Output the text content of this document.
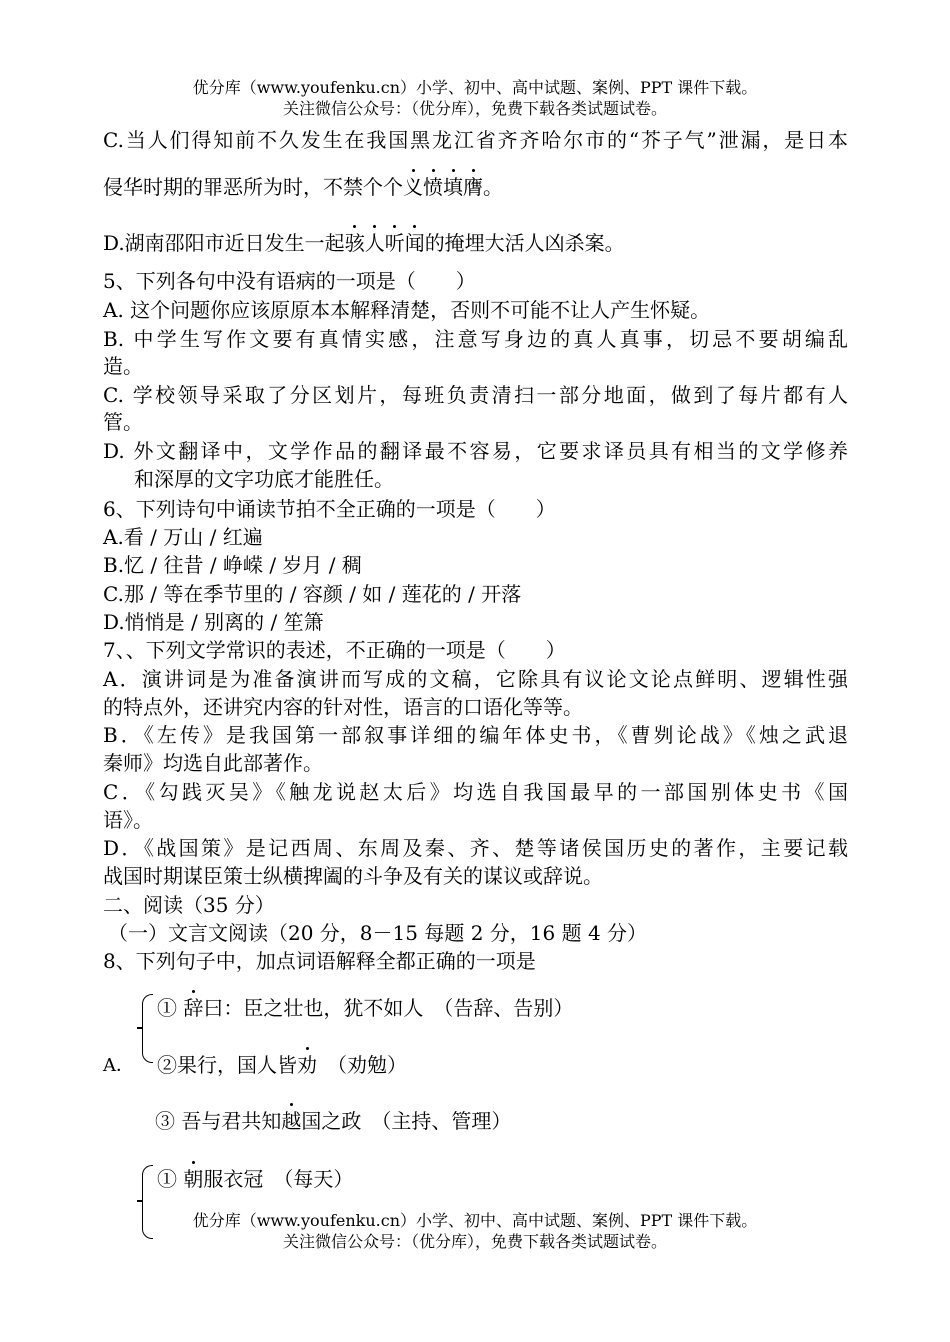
优分库（www.youfenku.cn）小学、初中、高中试题、案例、PPT 课件下载。
关注微信公众号：（优分库），免费下载各类试题试卷。
C.当人们得知前不久发生在我国黑龙江省齐齐哈尔市的“芥子气”泄漏，是日本
侵华时期的罪恶所为时，不禁个个义愤填膺。
D.湖南邵阳市近日发生一起骇人听闻的掩埋大活人凶杀案。
5、下列各句中没有语病的一项是（　　）
A. 这个问题你应该原原本本解释清楚，否则不可能不让人产生怀疑。
B. 中学生写作文要有真情实感，注意写身边的真人真事，切忌不要胡编乱
造。
C. 学校领导采取了分区划片，每班负责清扫一部分地面，做到了每片都有人
管。
D. 外文翻译中，文学作品的翻译最不容易，它要求译员具有相当的文学修养
和深厚的文字功底才能胜任。
6、下列诗句中诵读节拍不全正确的一项是（　　）
A.看 / 万山 / 红遍
B.忆 / 往昔 / 峥嵘 / 岁月 / 稠
C.那 / 等在季节里的 / 容颜 / 如 / 莲花的 / 开落
D.悄悄是 / 别离的 / 笙箫
7、、下列文学常识的表述，不正确的一项是（　　）
A．演讲词是为准备演讲而写成的文稿，它除具有议论文论点鲜明、逻辑性强
的特点外，还讲究内容的针对性，语言的口语化等等。
B．《左传》是我国第一部叙事详细的编年体史书，《曹刿论战》《烛之武退
秦师》均选自此部著作。
C．《勾践灭吴》《触龙说赵太后》均选自我国最早的一部国别体史书《国
语》。
D．《战国策》是记西周、东周及秦、齐、楚等诸侯国历史的著作，主要记载
战国时期谋臣策士纵横捭阖的斗争及有关的谋议或辞说。
二、阅读（35 分）
（一）文言文阅读（20 分，8－15 每题 2 分，16 题 4 分）
8、下列句子中，加点词语解释全都正确的一项是
A．
① 辞曰：臣之壮也，犹不如人　（告辞、告别）
②果行，国人皆劝　（劝勉）
③ 吾与君共知越国之政　（主持、管理）
① 朝服衣冠　（每天）
优分库（www.youfenku.cn）小学、初中、高中试题、案例、PPT 课件下载。
关注微信公众号：（优分库），免费下载各类试题试卷。
